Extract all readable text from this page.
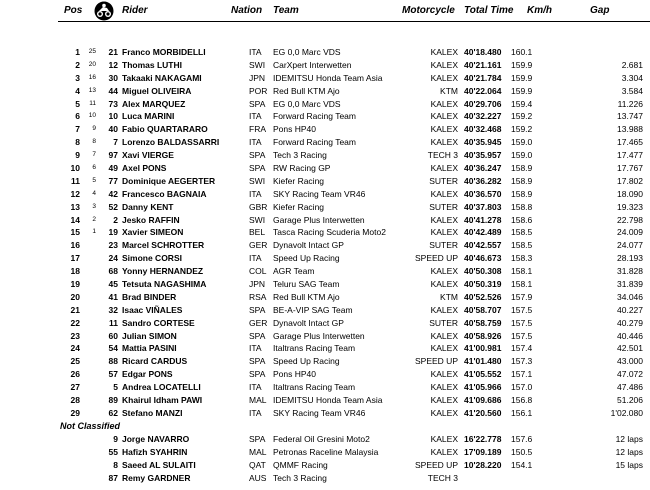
Pos	Rider	Nation Team	Motorcycle Total Time Km/h	Gap
1	25 21 Franco MORBIDELLI	ITA EG 0,0 Marc VDS	KALEX 40'18.480 160.1
2	20 12 Thomas LUTHI	SWI CarXpert Interwetten	KALEX 40'21.161 159.9	2.681
3	16 30 Takaaki NAKAGAMI	JPN IDEMITSU Honda Team Asia	KALEX 40'21.784 159.9	3.304
4	13 44 Miguel OLIVEIRA	POR Red Bull KTM Ajo	KTM 40'22.064 159.9	3.584
5	11 73 Alex MARQUEZ	SPA EG 0,0 Marc VDS	KALEX 40'29.706 159.4	11.226
6	10 10 Luca MARINI	ITA Forward Racing Team	KALEX 40'32.227 159.2	13.747
7	9 40 Fabio QUARTARARO	FRA Pons HP40	KALEX 40'32.468 159.2	13.988
8	8 7 Lorenzo BALDASSARRI	ITA Forward Racing Team	KALEX 40'35.945 159.0	17.465
9	7 97 Xavi VIERGE	SPA Tech 3 Racing	TECH 3 40'35.957 159.0	17.477
10	6 49 Axel PONS	SPA RW Racing GP	KALEX 40'36.247 158.9	17.767
11	5 77 Dominique AEGERTER	SWI Kiefer Racing	SUTER 40'36.282 158.9	17.802
12	4 42 Francesco BAGNAIA	ITA SKY Racing Team VR46	KALEX 40'36.570 158.9	18.090
13	3 52 Danny KENT	GBR Kiefer Racing	SUTER 40'37.803 158.8	19.323
14	2 2 Jesko RAFFIN	SWI Garage Plus Interwetten	KALEX 40'41.278 158.6	22.798
15	1 19 Xavier SIMEON	BEL Tasca Racing Scuderia Moto2	KALEX 40'42.489 158.5	24.009
16	23 Marcel SCHROTTER	GER Dynavolt Intact GP	SUTER 40'42.557 158.5	24.077
17	24 Simone CORSI	ITA Speed Up Racing	SPEED UP 40'46.673 158.3	28.193
18	68 Yonny HERNANDEZ	COL AGR Team	KALEX 40'50.308 158.1	31.828
19	45 Tetsuta NAGASHIMA	JPN Teluru SAG Team	KALEX 40'50.319 158.1	31.839
20	41 Brad BINDER	RSA Red Bull KTM Ajo	KTM 40'52.526 157.9	34.046
21	32 Isaac VIÑALES	SPA BE-A-VIP SAG Team	KALEX 40'58.707 157.5	40.227
22	11 Sandro CORTESE	GER Dynavolt Intact GP	SUTER 40'58.759 157.5	40.279
23	60 Julian SIMON	SPA Garage Plus Interwetten	KALEX 40'58.926 157.5	40.446
24	54 Mattia PASINI	ITA Italtrans Racing Team	KALEX 41'00.981 157.4	42.501
25	88 Ricard CARDUS	SPA Speed Up Racing	SPEED UP 41'01.480 157.3	43.000
26	57 Edgar PONS	SPA Pons HP40	KALEX 41'05.552 157.1	47.072
27	5 Andrea LOCATELLI	ITA Italtrans Racing Team	KALEX 41'05.966 157.0	47.486
28	89 Khairul Idham PAWI	MAL IDEMITSU Honda Team Asia	KALEX 41'09.686 156.8	51.206
29	62 Stefano MANZI	ITA SKY Racing Team VR46	KALEX 41'20.560 156.1	1'02.080
Not Classified
9 Jorge NAVARRO	SPA Federal Oil Gresini Moto2	KALEX 16'22.778 157.6	12 laps
55 Hafizh SYAHRIN	MAL Petronas Raceline Malaysia	KALEX 17'09.189 150.5	12 laps
8 Saeed AL SULAITI	QAT QMMF Racing	SPEED UP 10'28.220 154.1	15 laps
87 Remy GARDNER	AUS Tech 3 Racing	TECH 3
